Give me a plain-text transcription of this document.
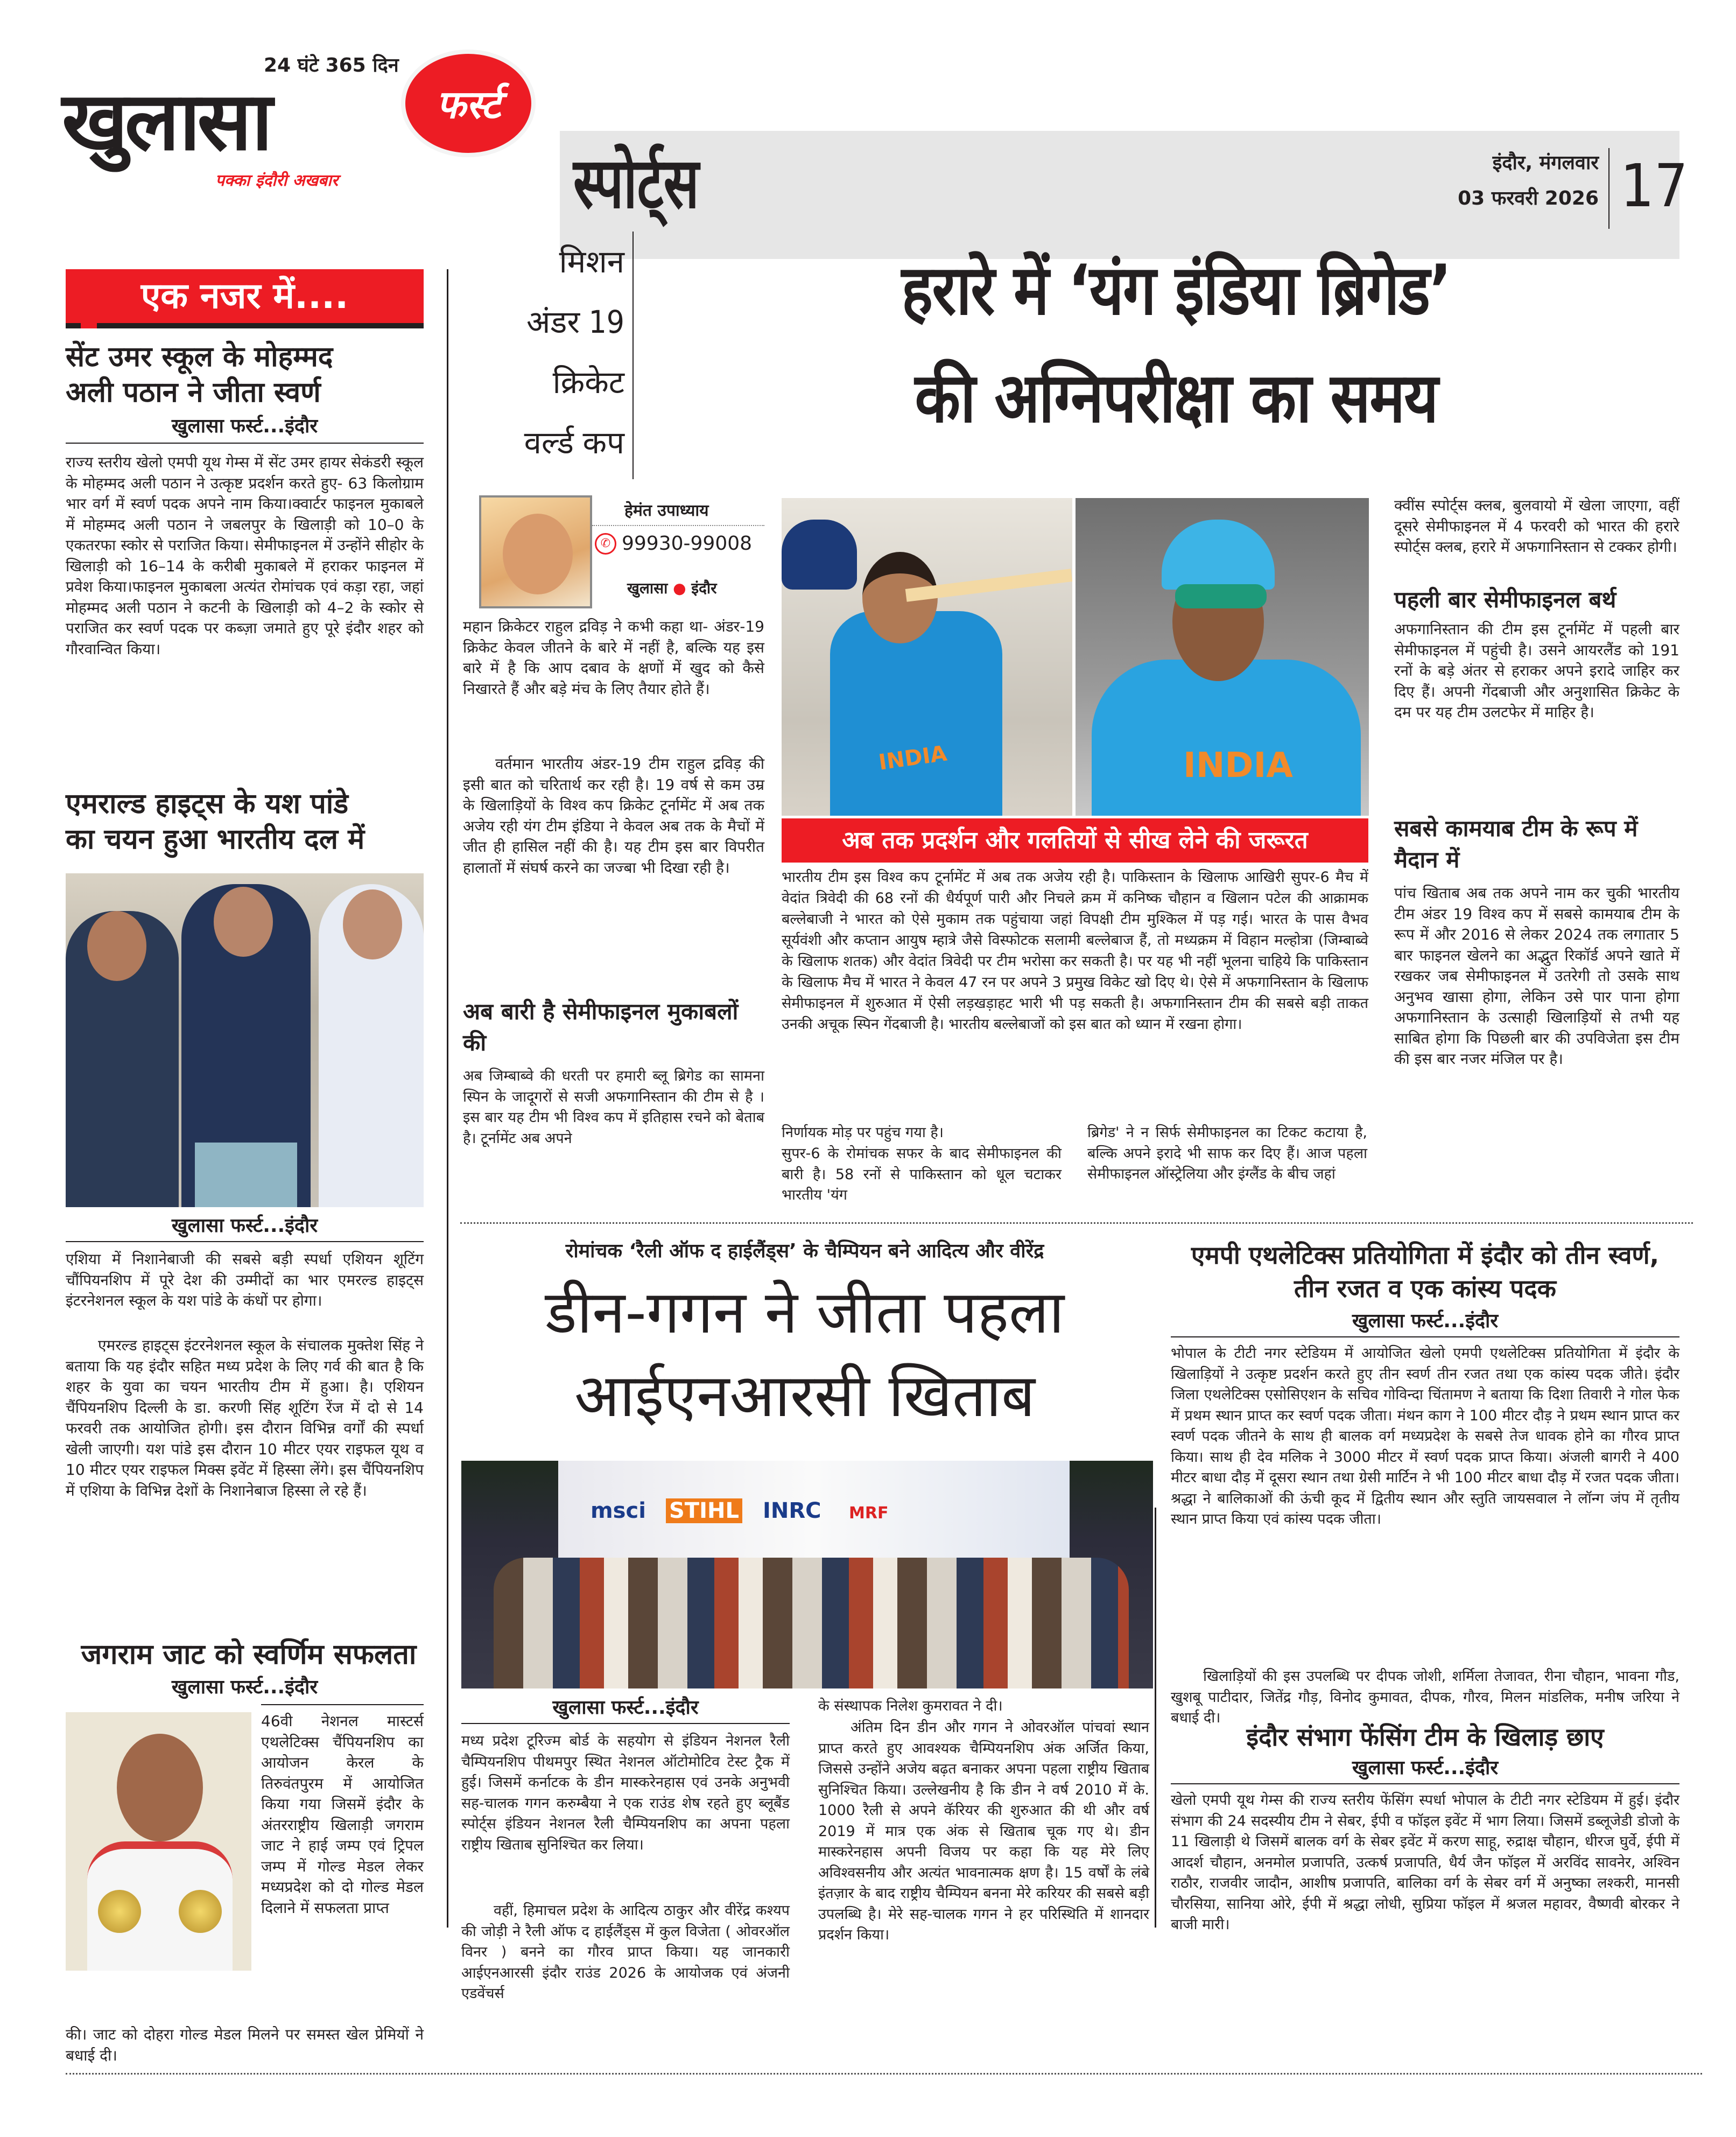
24 घंटे 365 दिन
खुलासा
पक्का इंदौरी अखबार
फर्स्ट
स्पोर्ट्स	इंदौर, मंगलवार
03 फरवरी 2026 17
एक नजर में....
सेंट उमर स्कूल के मोहम्मद
अली पठान ने जीता स्वर्ण
खुलासा फर्स्ट...इंदौर
राज्य स्तरीय खेलो एमपी यूथ गेम्स में सेंट उमर हायर सेकंडरी स्कूल के मोहम्मद अली पठान ने उत्कृष्ट प्रदर्शन करते हुए- 63 किलोग्राम भार वर्ग में स्वर्ण पदक अपने नाम किया।क्वार्टर फाइनल मुकाबले में मोहम्मद अली पठान ने जबलपुर के खिलाड़ी को 10–0 के एकतरफा स्कोर से पराजित किया। सेमीफाइनल में उन्होंने सीहोर के खिलाड़ी को 16–14 के करीबी मुकाबले में हराकर फाइनल में प्रवेश किया।फाइनल मुकाबला अत्यंत रोमांचक एवं कड़ा रहा, जहां मोहम्मद अली पठान ने कटनी के खिलाड़ी को 4–2 के स्कोर से पराजित कर स्वर्ण पदक पर कब्ज़ा जमाते हुए पूरे इंदौर शहर को गौरवान्वित किया।
एमराल्ड हाइट्स के यश पांडे
का चयन हुआ भारतीय दल में
खुलासा फर्स्ट...इंदौर
एशिया में निशानेबाजी की सबसे बड़ी स्पर्धा एशियन शूटिंग चौंपियनशिप में पूरे देश की उम्मीदों का भार एमरल्ड हाइट्स इंटरनेशनल स्कूल के यश पांडे के कंधों पर होगा।
एमरल्ड हाइट्स इंटरनेशनल स्कूल के संचालक मुक्तेश सिंह ने बताया कि यह इंदौर सहित मध्य प्रदेश के लिए गर्व की बात है कि शहर के युवा का चयन भारतीय टीम में हुआ। है। एशियन चैंपियनशिप दिल्ली के डा. करणी सिंह शूटिंग रेंज में दो से 14 फरवरी तक आयोजित होगी। इस दौरान विभिन्न वर्गों की स्पर्धा खेली जाएगी। यश पांडे इस दौरान 10 मीटर एयर राइफल यूथ व 10 मीटर एयर राइफल मिक्स इवेंट में हिस्सा लेंगे। इस चैंपियनशिप में एशिया के विभिन्न देशों के निशानेबाज हिस्सा ले रहे हैं।
जगराम जाट को स्वर्णिम सफलता
खुलासा फर्स्ट...इंदौर
46वी नेशनल मास्टर्स एथलेटिक्स चैंपियनशिप का आयोजन केरल के तिरुवंतपुरम में आयोजित किया गया जिसमें इंदौर के अंतरराष्ट्रीय खिलाड़ी जगराम जाट ने हाई जम्प एवं ट्रिपल जम्प में गोल्ड मेडल लेकर मध्यप्रदेश को दो गोल्ड मेडल दिलाने में सफलता प्राप्त
की। जाट को दोहरा गोल्ड मेडल मिलने पर समस्त खेल प्रेमियों ने बधाई दी।
मिशन
अंडर 19
क्रिकेट
वर्ल्ड कप
हरारे में ‘यंग इंडिया ब्रिगेड’
की अग्निपरीक्षा का समय
हेमंत उपाध्याय
✆ 99930-99008
खुलासा ● इंदौर
महान क्रिकेटर राहुल द्रविड़ ने कभी कहा था- अंडर-19 क्रिकेट केवल जीतने के बारे में नहीं है, बल्कि यह इस बारे में है कि आप दबाव के क्षणों में खुद को कैसे निखारते हैं और बड़े मंच के लिए तैयार होते हैं।
वर्तमान भारतीय अंडर-19 टीम राहुल द्रविड़ की इसी बात को चरितार्थ कर रही है। 19 वर्ष से कम उम्र के खिलाड़ियों के विश्व कप क्रिकेट टूर्नामेंट में अब तक अजेय रही यंग टीम इंडिया ने केवल अब तक के मैचों में जीत ही हासिल नहीं की है। यह टीम इस बार विपरीत हालातों में संघर्ष करने का जज्बा भी दिखा रही है।
अब बारी है सेमीफाइनल मुकाबलों की
अब जिम्बाब्वे की धरती पर हमारी ब्लू ब्रिगेड का सामना स्पिन के जादूगरों से सजी अफगानिस्तान की टीम से है । इस बार यह टीम भी विश्व कप में इतिहास रचने को बेताब है। टूर्नामेंट अब अपने
INDIA	INDIA
अब तक प्रदर्शन और गलतियों से सीख लेने की जरूरत
भारतीय टीम इस विश्व कप टूर्नामेंट में अब तक अजेय रही है। पाकिस्तान के खिलाफ आखिरी सुपर-6 मैच में वेदांत त्रिवेदी की 68 रनों की धैर्यपूर्ण पारी और निचले क्रम में कनिष्क चौहान व खिलान पटेल की आक्रामक बल्लेबाजी ने भारत को ऐसे मुकाम तक पहुंचाया जहां विपक्षी टीम मुश्किल में पड़ गई। भारत के पास वैभव सूर्यवंशी और कप्तान आयुष म्हात्रे जैसे विस्फोटक सलामी बल्लेबाज हैं, तो मध्यक्रम में विहान मल्होत्रा (जिम्बाब्वे के खिलाफ शतक) और वेदांत त्रिवेदी पर टीम भरोसा कर सकती है। पर यह भी नहीं भूलना चाहिये कि पाकिस्तान के खिलाफ मैच में भारत ने केवल 47 रन पर अपने 3 प्रमुख विकेट खो दिए थे। ऐसे में अफगानिस्तान के खिलाफ सेमीफाइनल में शुरुआत में ऐसी लड़खड़ाहट भारी भी पड़ सकती है। अफगानिस्तान टीम की सबसे बड़ी ताकत उनकी अचूक स्पिन गेंदबाजी है। भारतीय बल्लेबाजों को इस बात को ध्यान में रखना होगा।
निर्णायक मोड़ पर पहुंच गया है।
सुपर-6 के रोमांचक सफर के बाद सेमीफाइनल की बारी है। 58 रनों से पाकिस्तान को धूल चटाकर भारतीय 'यंग
ब्रिगेड' ने न सिर्फ सेमीफाइनल का टिकट कटाया है, बल्कि अपने इरादे भी साफ कर दिए हैं। आज पहला सेमीफाइनल ऑस्ट्रेलिया और इंग्लैंड के बीच जहां
क्वींस स्पोर्ट्स क्लब, बुलवायो में खेला जाएगा, वहीं दूसरे सेमीफाइनल में 4 फरवरी को भारत की हरारे स्पोर्ट्स क्लब, हरारे में अफगानिस्तान से टक्कर होगी।
पहली बार सेमीफाइनल बर्थ
अफगानिस्तान की टीम इस टूर्नामेंट में पहली बार सेमीफाइनल में पहुंची है। उसने आयरलैंड को 191 रनों के बड़े अंतर से हराकर अपने इरादे जाहिर कर दिए हैं। अपनी गेंदबाजी और अनुशासित क्रिकेट के दम पर यह टीम उलटफेर में माहिर है।
सबसे कामयाब टीम के रूप में मैदान में
पांच खिताब अब तक अपने नाम कर चुकी भारतीय टीम अंडर 19 विश्व कप में सबसे कामयाब टीम के रूप में और 2016 से लेकर 2024 तक लगातार 5 बार फाइनल खेलने का अद्भुत रिकॉर्ड अपने खाते में रखकर जब सेमीफाइनल में उतरेगी तो उसके साथ अनुभव खासा होगा, लेकिन उसे पार पाना होगा अफगानिस्तान के उत्साही खिलाड़ियों से तभी यह साबित होगा कि पिछली बार की उपविजेता इस टीम की इस बार नजर मंजिल पर है।
रोमांचक ‘रैली ऑफ द हाईलैंड्स’ के चैम्पियन बने आदित्य और वीरेंद्र
डीन-गगन ने जीता पहला
आईएनआरसी खिताब
msci STIHL INRC MRF
खुलासा फर्स्ट...इंदौर
मध्य प्रदेश टूरिज्म बोर्ड के सहयोग से इंडियन नेशनल रैली चैम्पियनशिप पीथमपुर स्थित नेशनल ऑटोमोटिव टेस्ट ट्रैक में हुई। जिसमें कर्नाटक के डीन मास्करेनहास एवं उनके अनुभवी सह-चालक गगन करुम्बैया ने एक राउंड शेष रहते हुए ब्लूबैंड स्पोर्ट्स इंडियन नेशनल रैली चैम्पियनशिप का अपना पहला राष्ट्रीय खिताब सुनिश्चित कर लिया।
वहीं, हिमाचल प्रदेश के आदित्य ठाकुर और वीरेंद्र कश्यप की जोड़ी ने रैली ऑफ द हाईलैंड्स में कुल विजेता ( ओवरऑल विनर ) बनने का गौरव प्राप्त किया। यह जानकारी आईएनआरसी इंदौर राउंड 2026 के आयोजक एवं अंजनी एडवेंचर्स
के संस्थापक निलेश कुमरावत ने दी।
अंतिम दिन डीन और गगन ने ओवरऑल पांचवां स्थान प्राप्त करते हुए आवश्यक चैम्पियनशिप अंक अर्जित किया, जिससे उन्होंने अजेय बढ़त बनाकर अपना पहला राष्ट्रीय खिताब सुनिश्चित किया। उल्लेखनीय है कि डीन ने वर्ष 2010 में के. 1000 रैली से अपने कॅरियर की शुरुआत की थी और वर्ष 2019 में मात्र एक अंक से खिताब चूक गए थे। डीन मास्करेनहास अपनी विजय पर कहा कि यह मेरे लिए अविश्वसनीय और अत्यंत भावनात्मक क्षण है। 15 वर्षों के लंबे इंतज़ार के बाद राष्ट्रीय चैम्पियन बनना मेरे करियर की सबसे बड़ी उपलब्धि है। मेरे सह-चालक गगन ने हर परिस्थिति में शानदार प्रदर्शन किया।
एमपी एथलेटिक्स प्रतियोगिता में इंदौर को तीन स्वर्ण, तीन रजत व एक कांस्य पदक
खुलासा फर्स्ट...इंदौर
भोपाल के टीटी नगर स्टेडियम में आयोजित खेलो एमपी एथलेटिक्स प्रतियोगिता में इंदौर के खिलाड़ियों ने उत्कृष्ट प्रदर्शन करते हुए तीन स्वर्ण तीन रजत तथा एक कांस्य पदक जीते। इंदौर जिला एथलेटिक्स एसोसिएशन के सचिव गोविन्दा चिंतामण ने बताया कि दिशा तिवारी ने गोल फेक में प्रथम स्थान प्राप्त कर स्वर्ण पदक जीता। मंथन काग ने 100 मीटर दौड़ ने प्रथम स्थान प्राप्त कर स्वर्ण पदक जीतने के साथ ही बालक वर्ग मध्यप्रदेश के सबसे तेज धावक होने का गौरव प्राप्त किया। साथ ही देव मलिक ने 3000 मीटर में स्वर्ण पदक प्राप्त किया। अंजली बागरी ने 400 मीटर बाधा दौड़ में दूसरा स्थान तथा ग्रेसी मार्टिन ने भी 100 मीटर बाधा दौड़ में रजत पदक जीता। श्रद्धा ने बालिकाओं की ऊंची कूद में द्वितीय स्थान और स्तुति जायसवाल ने लॉन्ग जंप में तृतीय स्थान प्राप्त किया एवं कांस्य पदक जीता।
खिलाड़ियों की इस उपलब्धि पर दीपक जोशी, शर्मिला तेजावत, रीना चौहान, भावना गौड, खुशबू पाटीदार, जितेंद्र गौड़, विनोद कुमावत, दीपक, गौरव, मिलन मांडलिक, मनीष जरिया ने बधाई दी।
इंदौर संभाग फेंसिंग टीम के खिलाड़ छाए
खुलासा फर्स्ट...इंदौर
खेलो एमपी यूथ गेम्स की राज्य स्तरीय फेंसिंग स्पर्धा भोपाल के टीटी नगर स्टेडियम में हुई। इंदौर संभाग की 24 सदस्यीय टीम ने सेबर, ईपी व फॉइल इवेंट में भाग लिया। जिसमें डब्लूजेडी डोजो के 11 खिलाड़ी थे जिसमें बालक वर्ग के सेबर इवेंट में करण साहू, रुद्राक्ष चौहान, धीरज घुर्वे, ईपी में आदर्श चौहान, अनमोल प्रजापति, उत्कर्ष प्रजापति, धैर्य जैन फॉइल में अरविंद सावनेर, अश्विन राठौर, राजवीर जादौन, आशीष प्रजापति, बालिका वर्ग के सेबर वर्ग में अनुष्का लश्करी, मानसी चौरसिया, सानिया ओरे, ईपी में श्रद्धा लोधी, सुप्रिया फॉइल में श्रजल महावर, वैष्णवी बोरकर ने बाजी मारी।
